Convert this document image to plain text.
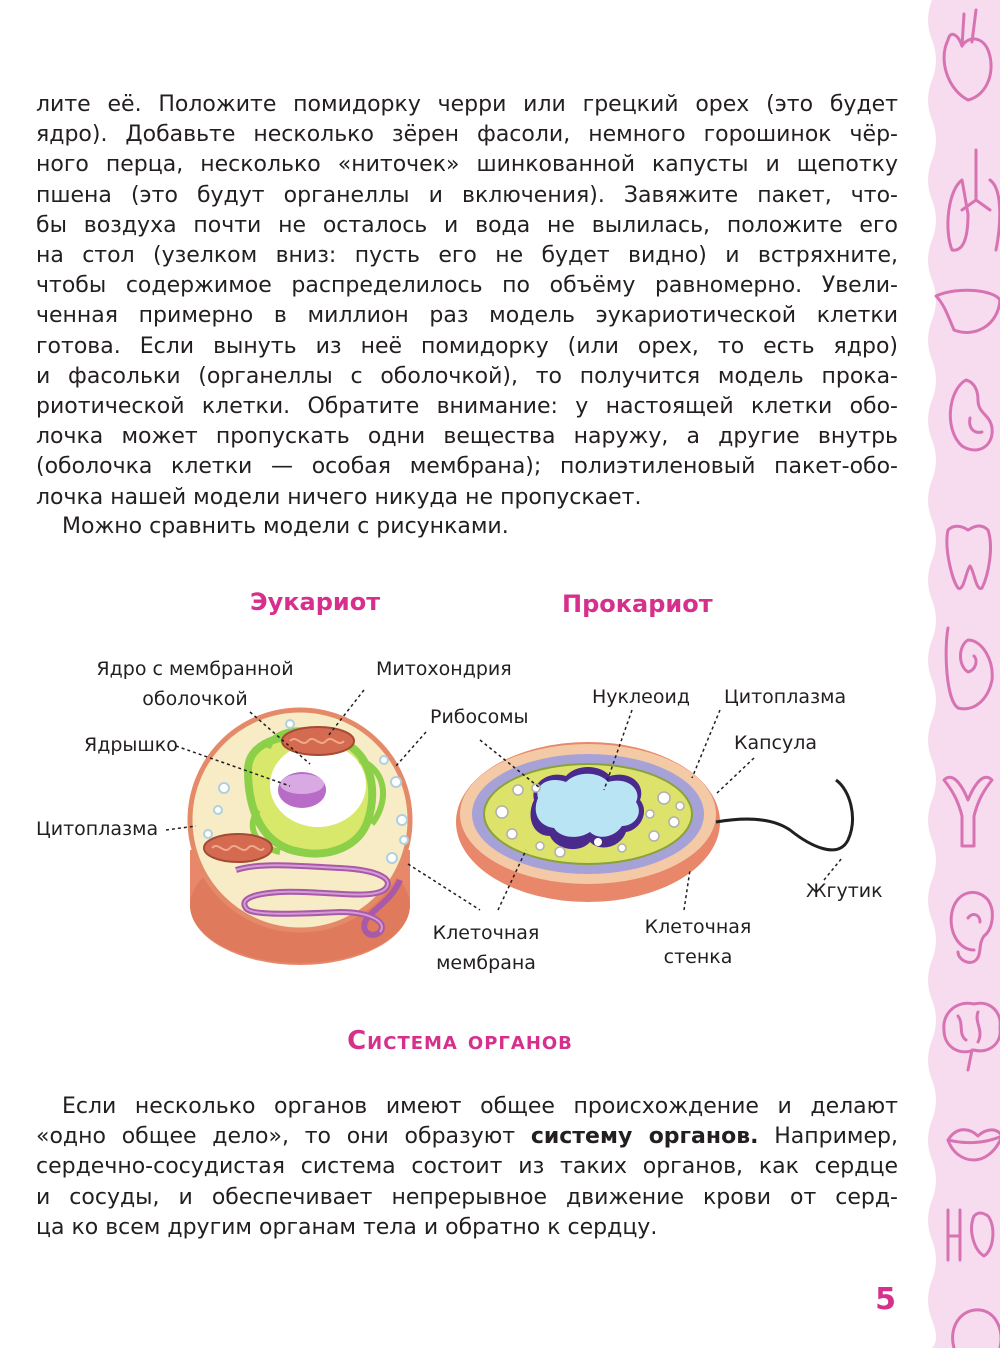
лите её. Положите помидорку черри или грецкий орех (это будет
ядро). Добавьте несколько зёрен фасоли, немного горошинок чёр-
ного перца, несколько «ниточек» шинкованной капусты и щепотку
пшена (это будут органеллы и включения). Завяжите пакет, что-
бы воздуха почти не осталось и вода не вылилась, положите его
на стол (узелком вниз: пусть его не будет видно) и встряхните,
чтобы содержимое распределилось по объёму равномерно. Увели-
ченная примерно в миллион раз модель эукариотической клетки
готова. Если вынуть из неё помидорку (или орех, то есть ядро)
и фасольки (органеллы с оболочкой), то получится модель прока-
риотической клетки. Обратите внимание: у настоящей клетки обо-
лочка может пропускать одни вещества наружу, а другие внутрь
(оболочка клетки — особая мембрана); полиэтиленовый пакет-обо-
лочка нашей модели ничего никуда не пропускает.

Можно сравнить модели с рисунками.

Эукариот	Прокариот
Ядро с мембранной
оболочкой
Митохондрия
Ядрышко
Цитоплазма
Рибосомы
Нуклеоид Цитоплазма
Капсула
Жгутик
Клеточная
мембрана
Клеточная
стенка
Система органов
Если несколько органов имеют общее происхождение и делают
«одно общее дело», то они образуют систему органов. Например,
сердечно-сосудистая система состоит из таких органов, как сердце
и сосуды, и обеспечивает непрерывное движение крови от серд-
ца ко всем другим органам тела и обратно к сердцу.
5
